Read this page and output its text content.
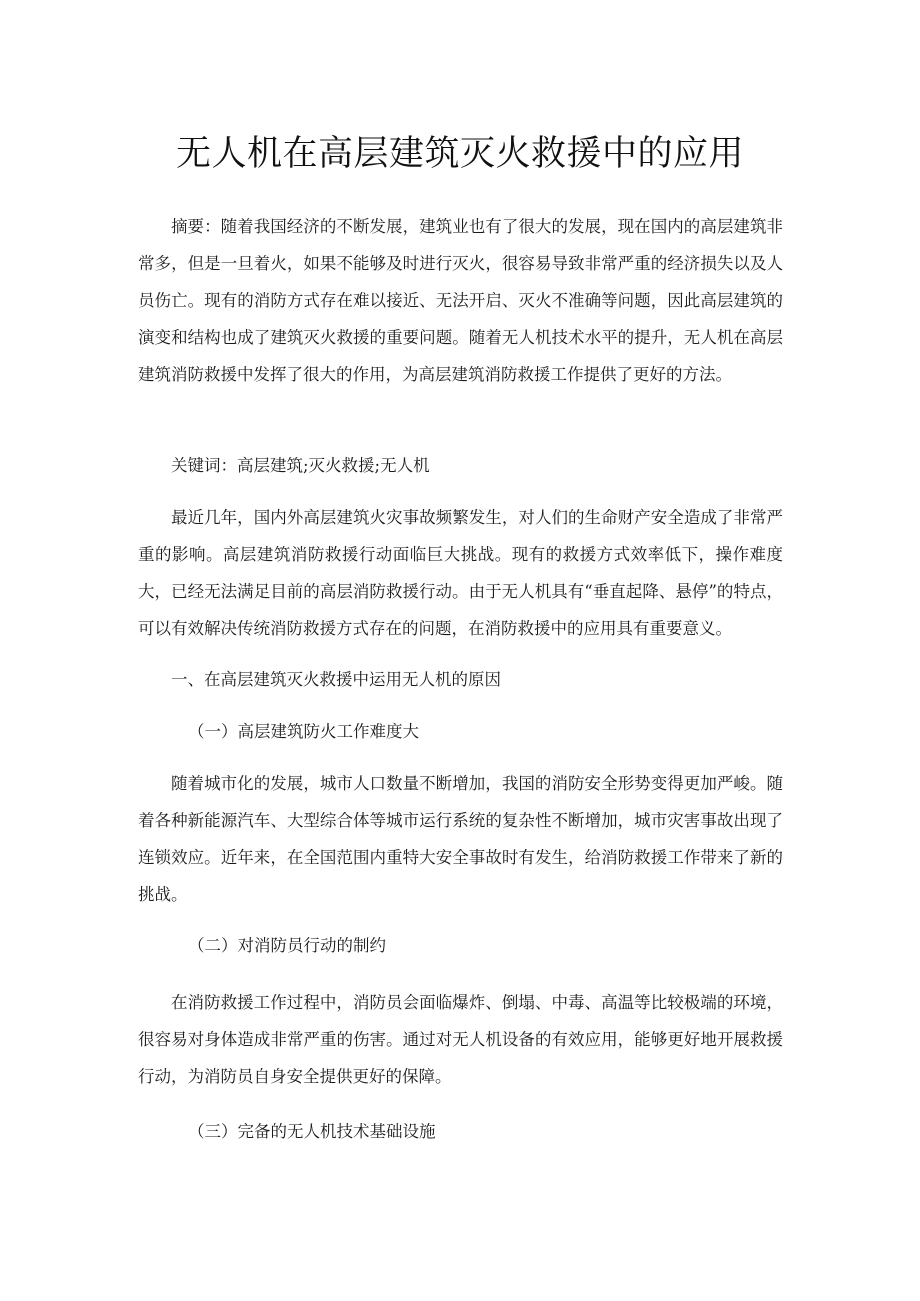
无人机在高层建筑灭火救援中的应用

摘要：随着我国经济的不断发展，建筑业也有了很大的发展，现在国内的高层建筑非常多，但是一旦着火，如果不能够及时进行灭火，很容易导致非常严重的经济损失以及人员伤亡。现有的消防方式存在难以接近、无法开启、灭火不准确等问题，因此高层建筑的演变和结构也成了建筑灭火救援的重要问题。随着无人机技术水平的提升，无人机在高层建筑消防救援中发挥了很大的作用，为高层建筑消防救援工作提供了更好的方法。

关键词：高层建筑;灭火救援;无人机

最近几年，国内外高层建筑火灾事故频繁发生，对人们的生命财产安全造成了非常严重的影响。高层建筑消防救援行动面临巨大挑战。现有的救援方式效率低下，操作难度大，已经无法满足目前的高层消防救援行动。由于无人机具有“垂直起降、悬停”的特点，可以有效解决传统消防救援方式存在的问题，在消防救援中的应用具有重要意义。

一、在高层建筑灭火救援中运用无人机的原因

（一）高层建筑防火工作难度大

随着城市化的发展，城市人口数量不断增加，我国的消防安全形势变得更加严峻。随着各种新能源汽车、大型综合体等城市运行系统的复杂性不断增加，城市灾害事故出现了连锁效应。近年来，在全国范围内重特大安全事故时有发生，给消防救援工作带来了新的挑战。

（二）对消防员行动的制约

在消防救援工作过程中，消防员会面临爆炸、倒塌、中毒、高温等比较极端的环境，很容易对身体造成非常严重的伤害。通过对无人机设备的有效应用，能够更好地开展救援行动，为消防员自身安全提供更好的保障。

（三）完备的无人机技术基础设施
